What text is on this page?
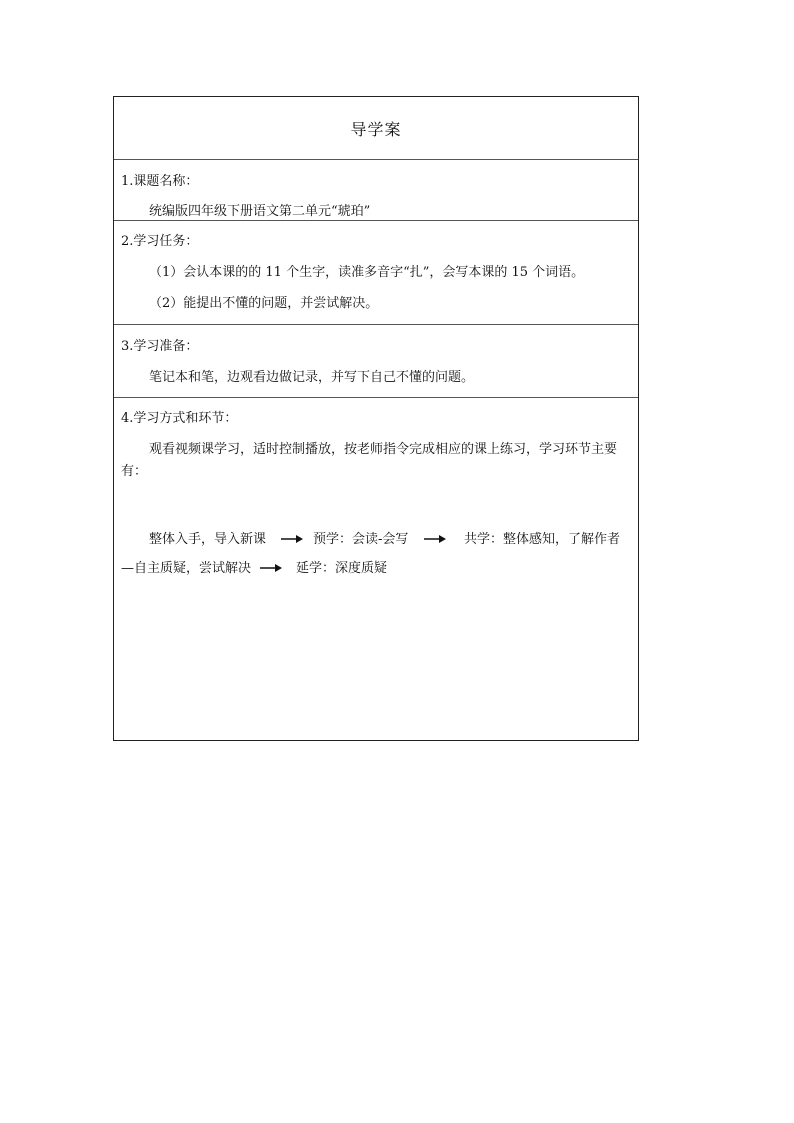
导学案
1.课题名称：
统编版四年级下册语文第二单元“琥珀”
2.学习任务：
（1）会认本课的的 11 个生字，读准多音字“扎”，会写本课的 15 个词语。
（2）能提出不懂的问题，并尝试解决。
3.学习准备：
笔记本和笔，边观看边做记录，并写下自己不懂的问题。
4.学习方式和环节：
观看视频课学习，适时控制播放，按老师指令完成相应的课上练习，学习环节主要有：
整体入手，导入新课	预学：会读-会写	共学：整体感知，了解作者
—自主质疑，尝试解决	延学：深度质疑
